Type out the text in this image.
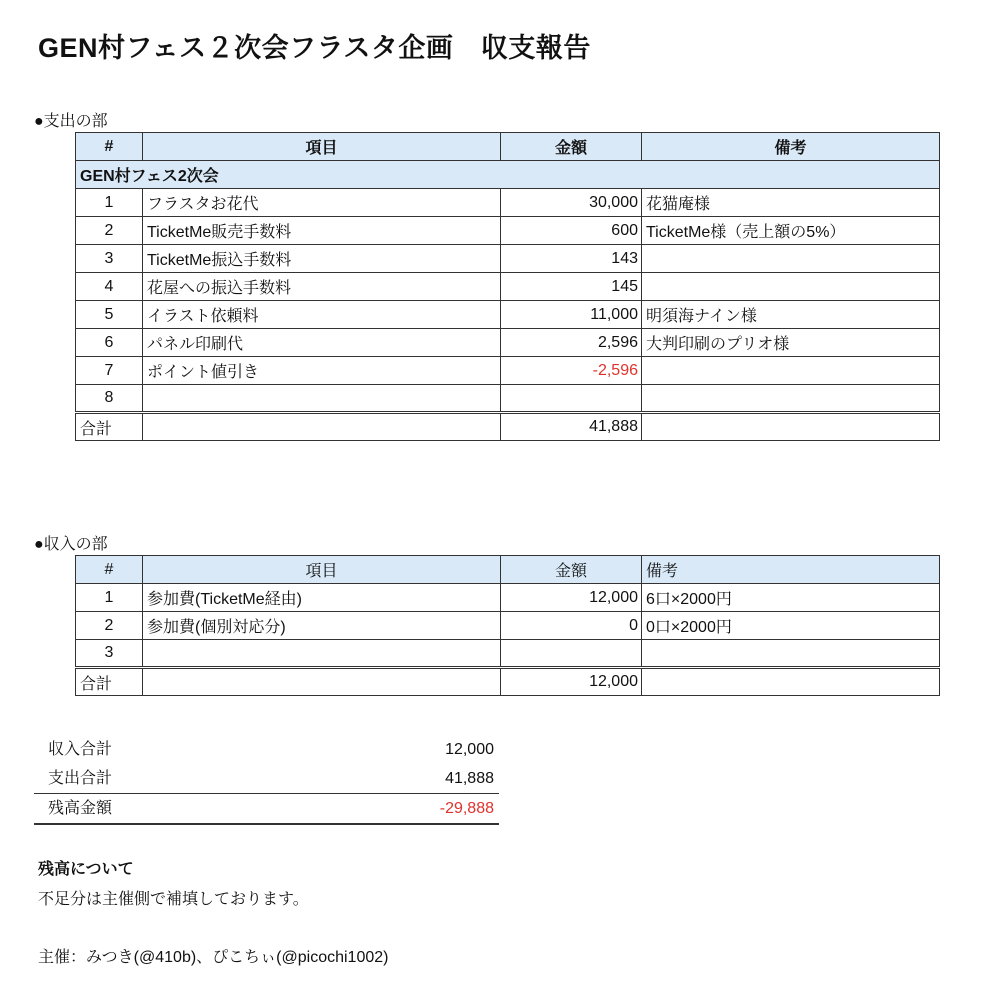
GEN村フェス２次会フラスタ企画　収支報告
●支出の部
#	項目	金額	備考
GEN村フェス2次会			
1	フラスタお花代	30,000	花猫庵様
2	TicketMe販売手数料	600	TicketMe様（売上額の5%）
3	TicketMe振込手数料	143	
4	花屋への振込手数料	145	
5	イラスト依頼料	11,000	明須海ナイン様
6	パネル印刷代	2,596	大判印刷のプリオ様
7	ポイント値引き	-2,596	
8			
合計		41,888	
●収入の部
#	項目	金額	備考
1	参加費(TicketMe経由)	12,000	6口×2000円
2	参加費(個別対応分)	0	0口×2000円
3			
合計		12,000	
収入合計	12,000
支出合計	41,888
残高金額	-29,888
残高について
不足分は主催側で補填しております。
主催：みつき(@410b)、ぴこちぃ(@picochi1002)
